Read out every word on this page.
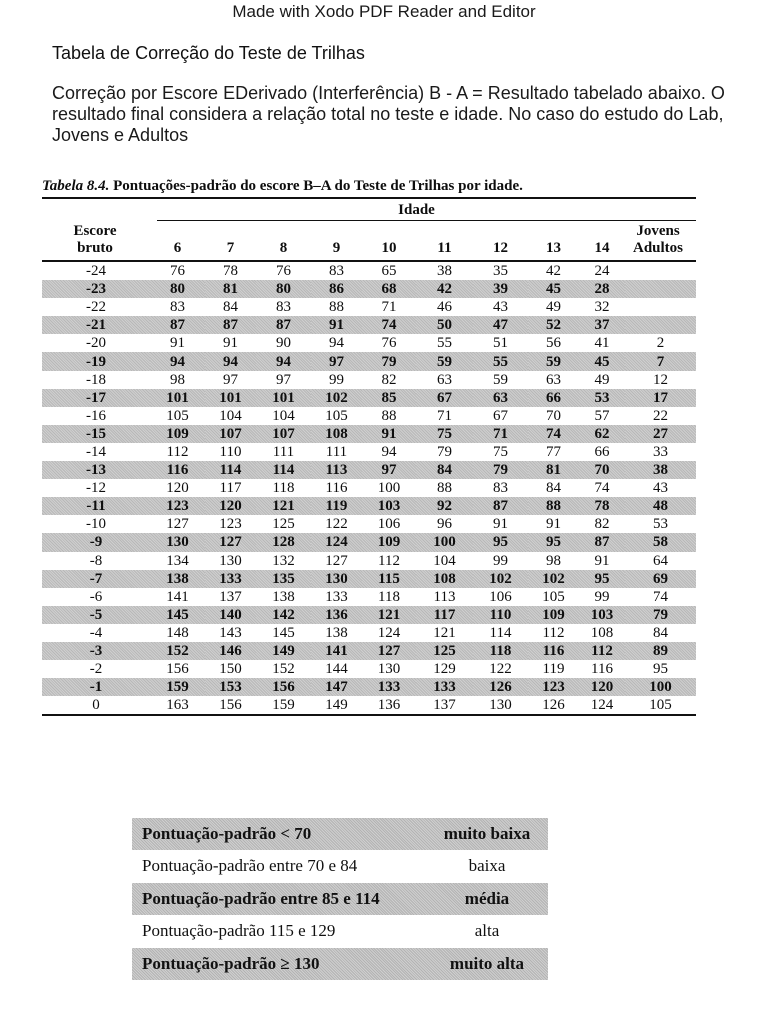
Made with Xodo PDF Reader and Editor
Tabela de Correção do Teste de Trilhas
Correção por Escore EDerivado (Interferência) B - A = Resultado tabelado abaixo. O resultado final considera a relação total no teste e idade. No caso do estudo do Lab, Jovens e Adultos
Tabela 8.4. Pontuações-padrão do escore B–A do Teste de Trilhas por idade.
Idade
Escore
bruto
Jovens
Adultos
6	7	8	9	10	11	12	13	14
-24	76	78	76	83	65	38	35	42	24	
-23	80	81	80	86	68	42	39	45	28	
-22	83	84	83	88	71	46	43	49	32	
-21	87	87	87	91	74	50	47	52	37	
-20	91	91	90	94	76	55	51	56	41	2
-19	94	94	94	97	79	59	55	59	45	7
-18	98	97	97	99	82	63	59	63	49	12
-17	101	101	101	102	85	67	63	66	53	17
-16	105	104	104	105	88	71	67	70	57	22
-15	109	107	107	108	91	75	71	74	62	27
-14	112	110	111	111	94	79	75	77	66	33
-13	116	114	114	113	97	84	79	81	70	38
-12	120	117	118	116	100	88	83	84	74	43
-11	123	120	121	119	103	92	87	88	78	48
-10	127	123	125	122	106	96	91	91	82	53
-9	130	127	128	124	109	100	95	95	87	58
-8	134	130	132	127	112	104	99	98	91	64
-7	138	133	135	130	115	108	102	102	95	69
-6	141	137	138	133	118	113	106	105	99	74
-5	145	140	142	136	121	117	110	109	103	79
-4	148	143	145	138	124	121	114	112	108	84
-3	152	146	149	141	127	125	118	116	112	89
-2	156	150	152	144	130	129	122	119	116	95
-1	159	153	156	147	133	133	126	123	120	100
0	163	156	159	149	136	137	130	126	124	105
Pontuação-padrão < 70	muito baixa
Pontuação-padrão entre 70 e 84	baixa
Pontuação-padrão entre 85 e 114	média
Pontuação-padrão 115 e 129	alta
Pontuação-padrão ≥ 130	muito alta
